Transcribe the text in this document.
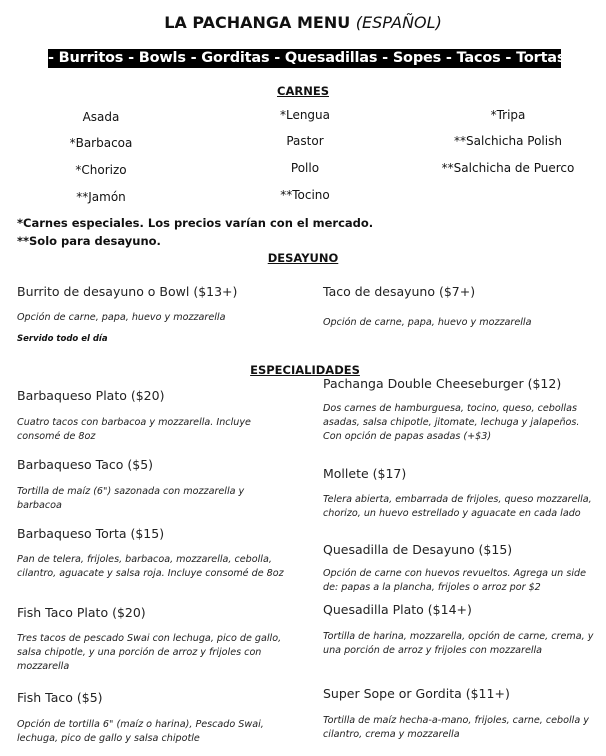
LA PACHANGA MENU (ESPAÑOL)
- Burritos - Bowls - Gorditas - Quesadillas - Sopes - Tacos - Tortas -
CARNES
Asada
*Barbacoa
*Chorizo
**Jamón
*Lengua
Pastor
Pollo
**Tocino
*Tripa
**Salchicha Polish
**Salchicha de Puerco
*Carnes especiales. Los precios varían con el mercado.
**Solo para desayuno.
DESAYUNO
Burrito de desayuno o Bowl ($13+)
Opción de carne, papa, huevo y mozzarella
Servido todo el día
Taco de desayuno ($7+)
Opción de carne, papa, huevo y mozzarella
ESPECIALIDADES
Barbaqueso Plato ($20)
Cuatro tacos con barbacoa y mozzarella. Incluye consomé de 8oz
Barbaqueso Taco ($5)
Tortilla de maíz (6") sazonada con mozzarella y barbacoa
Barbaqueso Torta ($15)
Pan de telera, frijoles, barbacoa, mozzarella, cebolla, cilantro, aguacate y salsa roja. Incluye consomé de 8oz
Fish Taco Plato ($20)
Tres tacos de pescado Swai con lechuga, pico de gallo, salsa chipotle, y una porción de arroz y frijoles con mozzarella
Fish Taco ($5)
Opción de tortilla 6" (maíz o harina), Pescado Swai, lechuga, pico de gallo y salsa chipotle
Pachanga Double Cheeseburger ($12)
Dos carnes de hamburguesa, tocino, queso, cebollas asadas, salsa chipotle, jitomate, lechuga y jalapeños. Con opción de papas asadas (+$3)
Mollete ($17)
Telera abierta, embarrada de frijoles, queso mozzarella, chorizo, un huevo estrellado y aguacate en cada lado
Quesadilla de Desayuno ($15)
Opción de carne con huevos revueltos. Agrega un side de: papas a la plancha, frijoles o arroz por $2
Quesadilla Plato ($14+)
Tortilla de harina, mozzarella, opción de carne, crema, y una porción de arroz y frijoles con mozzarella
Super Sope or Gordita ($11+)
Tortilla de maíz hecha-a-mano, frijoles, carne, cebolla y cilantro, crema y mozzarella
